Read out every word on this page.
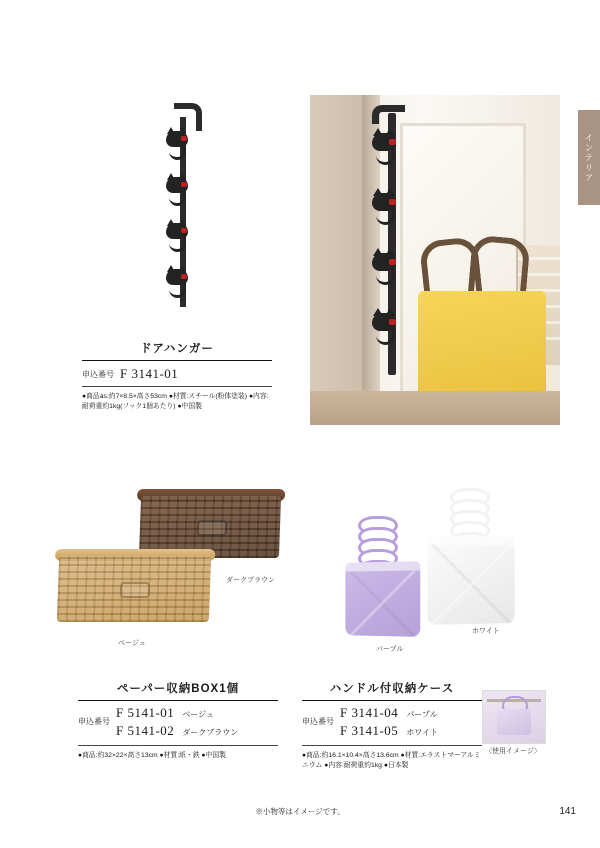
インテリア
ドアハンガー
申込番号 F 3141-01
●商品ás:約7×8.5×高さ53cm ●材質:スチール(粉体塗装) ●内容:耐荷重約1kg(フック1個あたり) ●中国製
ダークブラウン
ベージュ
パープル
ホワイト
ペーパー収納BOX1個
申込番号
F 5141-01 ベージュ
F 5141-02 ダークブラウン
●商品:約32×22×高さ13cm ●材質:紙・鉄 ●中国製
ハンドル付収納ケース
申込番号
F 3141-04 パープル
F 3141-05 ホワイト
●商品:約16.1×10.4×高さ13.6cm ●材質:エラストマーアルミニウム ●内容:耐荷重約1kg ●日本製
〈使用イメージ〉
※小物等はイメージです。	141
